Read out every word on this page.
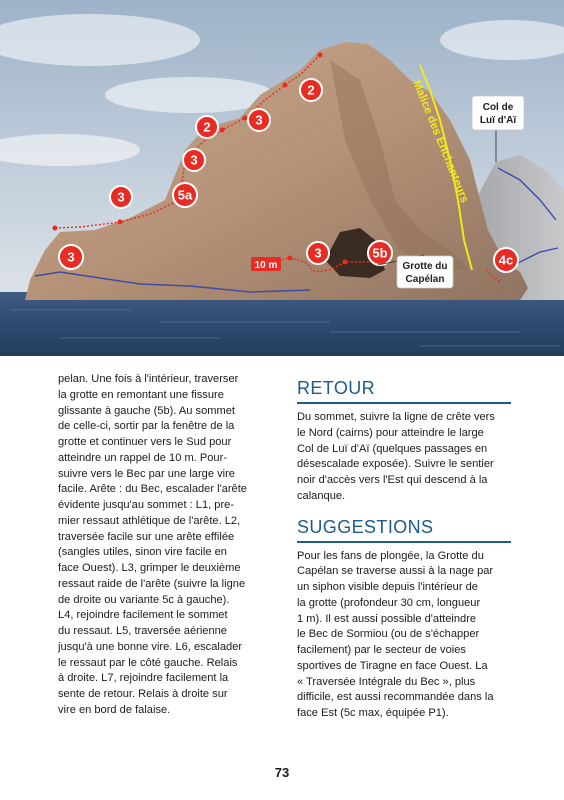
2
3
2
3
3	5a
3	3	5b	4c
10 m
Malice des Enchanteurs Col de
Luï d'Aï
Grotte du
Capélan

pelan. Une fois à l'intérieur, traverser
la grotte en remontant une fissure
glissante à gauche (5b). Au sommet
de celle-ci, sortir par la fenêtre de la
grotte et continuer vers le Sud pour
atteindre un rappel de 10 m. Pour-
suivre vers le Bec par une large vire
facile. Arête : du Bec, escalader l'arête
évidente jusqu'au sommet : L1, pre-
mier ressaut athlétique de l'arête. L2,
traversée facile sur une arête effilée
(sangles utiles, sinon vire facile en
face Ouest). L3, grimper le deuxième
ressaut raide de l'arête (suivre la ligne
de droite ou variante 5c à gauche).
L4, rejoindre facilement le sommet
du ressaut. L5, traversée aérienne
jusqu'à une bonne vire. L6, escalader
le ressaut par le côté gauche. Relais
à droite. L7, rejoindre facilement la
sente de retour. Relais à droite sur
vire en bord de falaise.

RETOUR

Du sommet, suivre la ligne de crête vers
le Nord (cairns) pour atteindre le large
Col de Luï d'Aï (quelques passages en
désescalade exposée). Suivre le sentier
noir d'accès vers l'Est qui descend à la
calanque.

SUGGESTIONS

Pour les fans de plongée, la Grotte du
Capélan se traverse aussi à la nage par
un siphon visible depuis l'intérieur de
la grotte (profondeur 30 cm, longueur
1 m). Il est aussi possible d'atteindre
le Bec de Sormiou (ou de s'échapper
facilement) par le secteur de voies
sportives de Tiragne en face Ouest. La
« Traversée Intégrale du Bec », plus
difficile, est aussi recommandée dans la
face Est (5c max, équipée P1).

73
